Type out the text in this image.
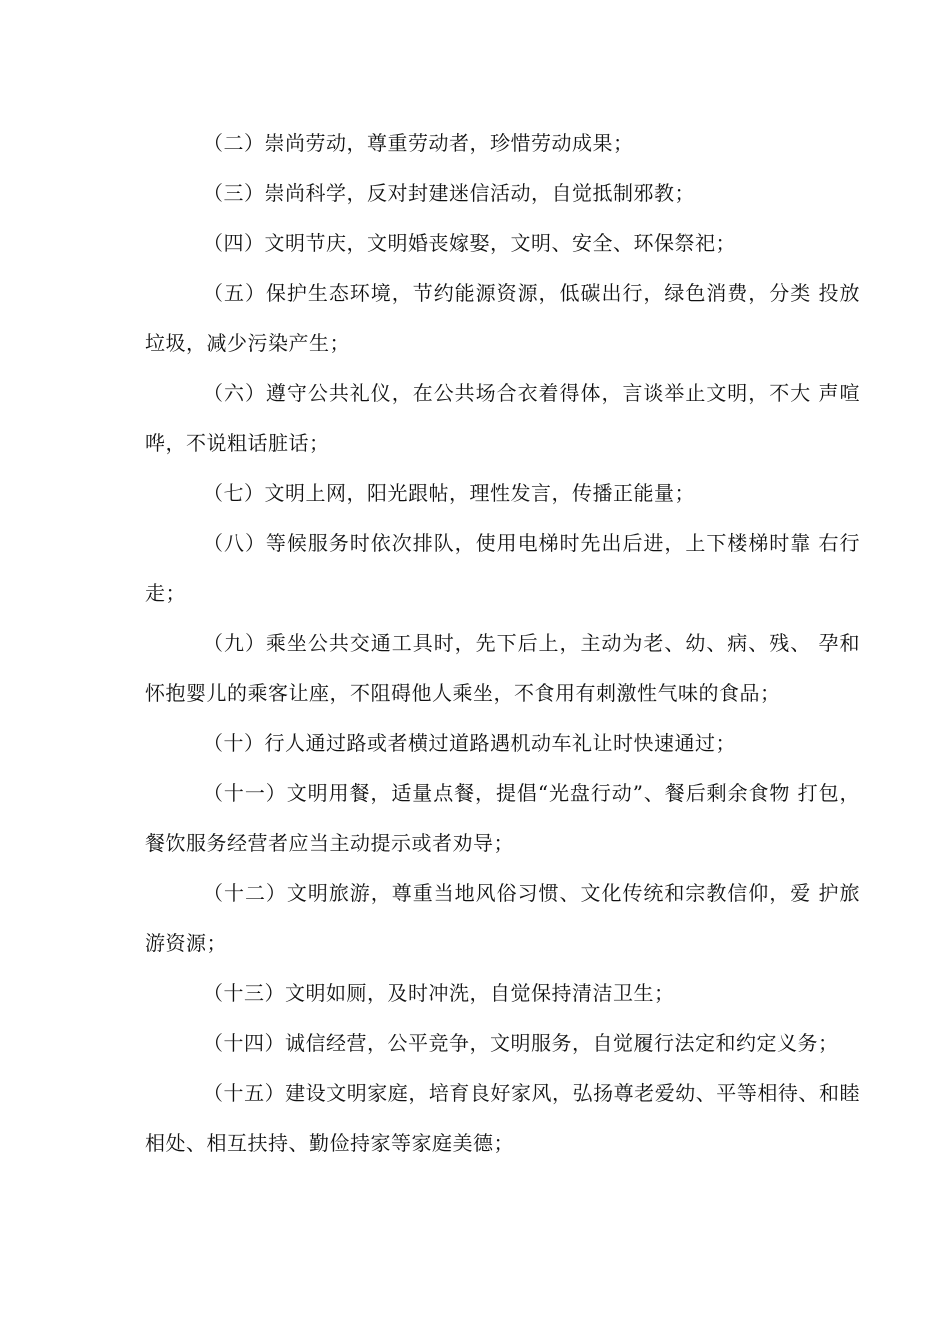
（二）崇尚劳动，尊重劳动者，珍惜劳动成果；

（三）崇尚科学，反对封建迷信活动，自觉抵制邪教；

（四）文明节庆，文明婚丧嫁娶，文明、安全、环保祭祀；

（五）保护生态环境，节约能源资源，低碳出行，绿色消费，分类 投放垃圾，减少污染产生；

（六）遵守公共礼仪，在公共场合衣着得体，言谈举止文明，不大 声喧哗，不说粗话脏话；

（七）文明上网，阳光跟帖，理性发言，传播正能量；

（八）等候服务时依次排队，使用电梯时先出后进，上下楼梯时靠 右行走；

（九）乘坐公共交通工具时，先下后上，主动为老、幼、病、残、 孕和怀抱婴儿的乘客让座，不阻碍他人乘坐，不食用有刺激性气味的食品；

（十）行人通过路或者横过道路遇机动车礼让时快速通过；

（十一）文明用餐，适量点餐，提倡“光盘行动”、餐后剩余食物 打包，餐饮服务经营者应当主动提示或者劝导；

（十二）文明旅游，尊重当地风俗习惯、文化传统和宗教信仰，爱 护旅游资源；

（十三）文明如厕，及时冲洗，自觉保持清洁卫生；

（十四）诚信经营，公平竞争，文明服务，自觉履行法定和约定义务；

（十五）建设文明家庭，培育良好家风，弘扬尊老爱幼、平等相待、和睦相处、相互扶持、勤俭持家等家庭美德；
